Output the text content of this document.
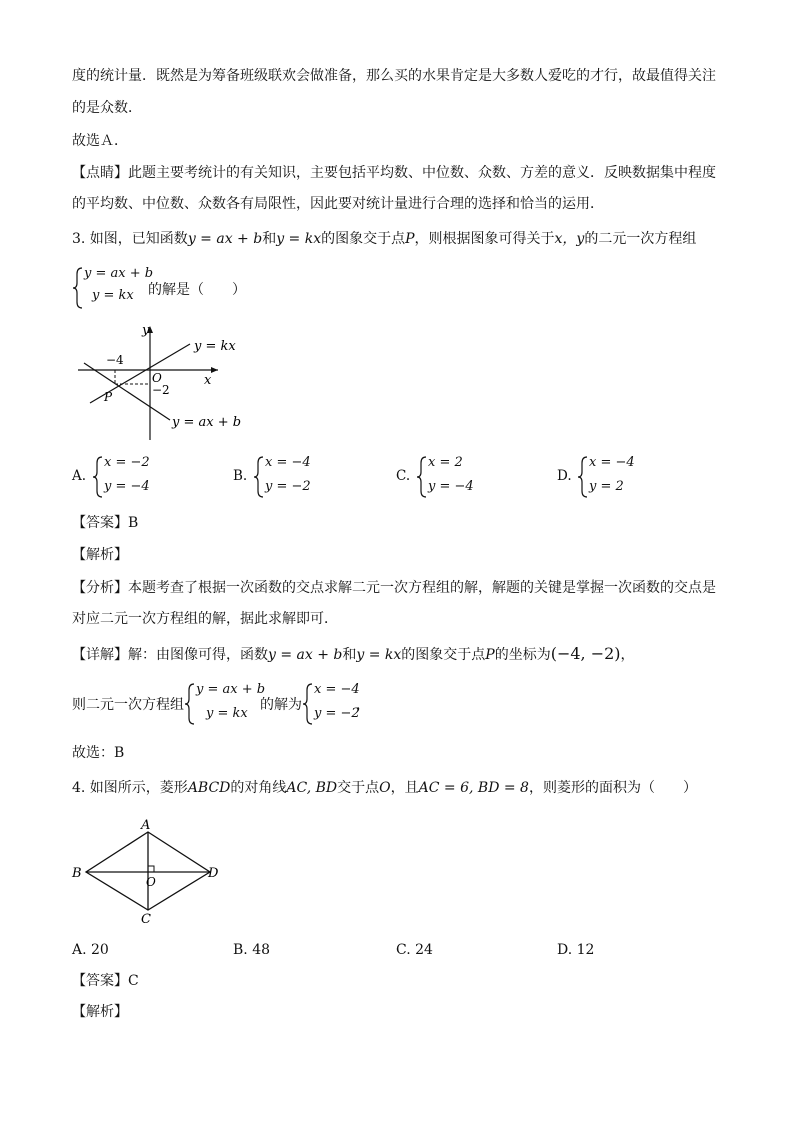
度的统计量．既然是为筹备班级联欢会做准备，那么买的水果肯定是大多数人爱吃的才行，故最值得关注
的是众数．
故选Ａ．
【点睛】此题主要考统计的有关知识，主要包括平均数、中位数、众数、方差的意义．反映数据集中程度
的平均数、中位数、众数各有局限性，因此要对统计量进行合理的选择和恰当的运用．
3. 如图，已知函数y = ax + b和y = kx的图象交于点P，则根据图象可得关于x，y的二元一次方程组
y = ax + b
y = kx 的解是（　　）
y
x
O
y = kx
y = ax + b
−4
−2
P
A.
x = −2
y = −4
B.
x = −4
y = −2
C.
x = 2
y = −4
D.
x = −4
y = 2
【答案】B
【解析】
【分析】本题考查了根据一次函数的交点求解二元一次方程组的解，解题的关键是掌握一次函数的交点是
对应二元一次方程组的解，据此求解即可．
【详解】解：由图像可得，函数y = ax + b和y = kx的图象交于点P的坐标为(−4, −2)，
则二元一次方程组
y = ax + b
y = kx
的解为
x = −4
y = −2
，
故选：B
4. 如图所示，菱形ABCD的对角线AC, BD交于点O，且AC = 6, BD = 8，则菱形的面积为（　　）
A
B
C
D
O
A. 20	B. 48	C. 24	D. 12
【答案】C
【解析】
